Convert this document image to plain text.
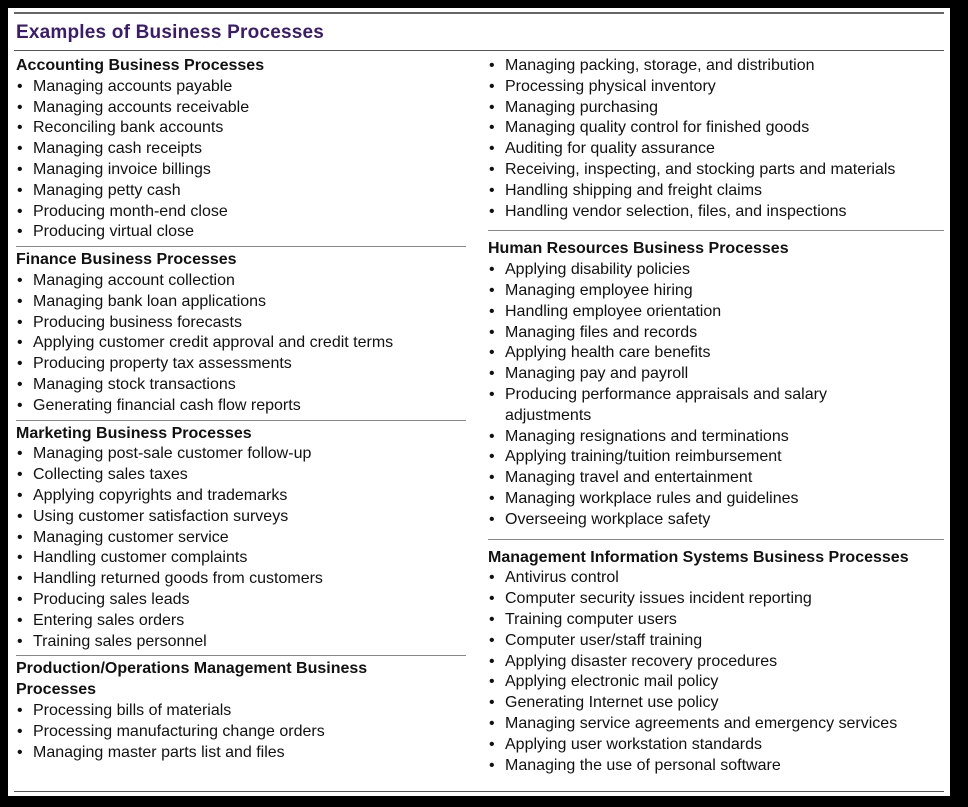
Examples of Business Processes
Accounting Business Processes
• Managing accounts payable
• Managing accounts receivable
• Reconciling bank accounts
• Managing cash receipts
• Managing invoice billings
• Managing petty cash
• Producing month-end close
• Producing virtual close
Finance Business Processes
• Managing account collection
• Managing bank loan applications
• Producing business forecasts
• Applying customer credit approval and credit terms
• Producing property tax assessments
• Managing stock transactions
• Generating financial cash flow reports
Marketing Business Processes
• Managing post-sale customer follow-up
• Collecting sales taxes
• Applying copyrights and trademarks
• Using customer satisfaction surveys
• Managing customer service
• Handling customer complaints
• Handling returned goods from customers
• Producing sales leads
• Entering sales orders
• Training sales personnel
Production/Operations Management Business Processes
• Processing bills of materials
• Processing manufacturing change orders
• Managing master parts list and files
• Managing packing, storage, and distribution
• Processing physical inventory
• Managing purchasing
• Managing quality control for finished goods
• Auditing for quality assurance
• Receiving, inspecting, and stocking parts and materials
• Handling shipping and freight claims
• Handling vendor selection, files, and inspections
Human Resources Business Processes
• Applying disability policies
• Managing employee hiring
• Handling employee orientation
• Managing files and records
• Applying health care benefits
• Managing pay and payroll
• Producing performance appraisals and salary adjustments
• Managing resignations and terminations
• Applying training/tuition reimbursement
• Managing travel and entertainment
• Managing workplace rules and guidelines
• Overseeing workplace safety
Management Information Systems Business Processes
• Antivirus control
• Computer security issues incident reporting
• Training computer users
• Computer user/staff training
• Applying disaster recovery procedures
• Applying electronic mail policy
• Generating Internet use policy
• Managing service agreements and emergency services
• Applying user workstation standards
• Managing the use of personal software
